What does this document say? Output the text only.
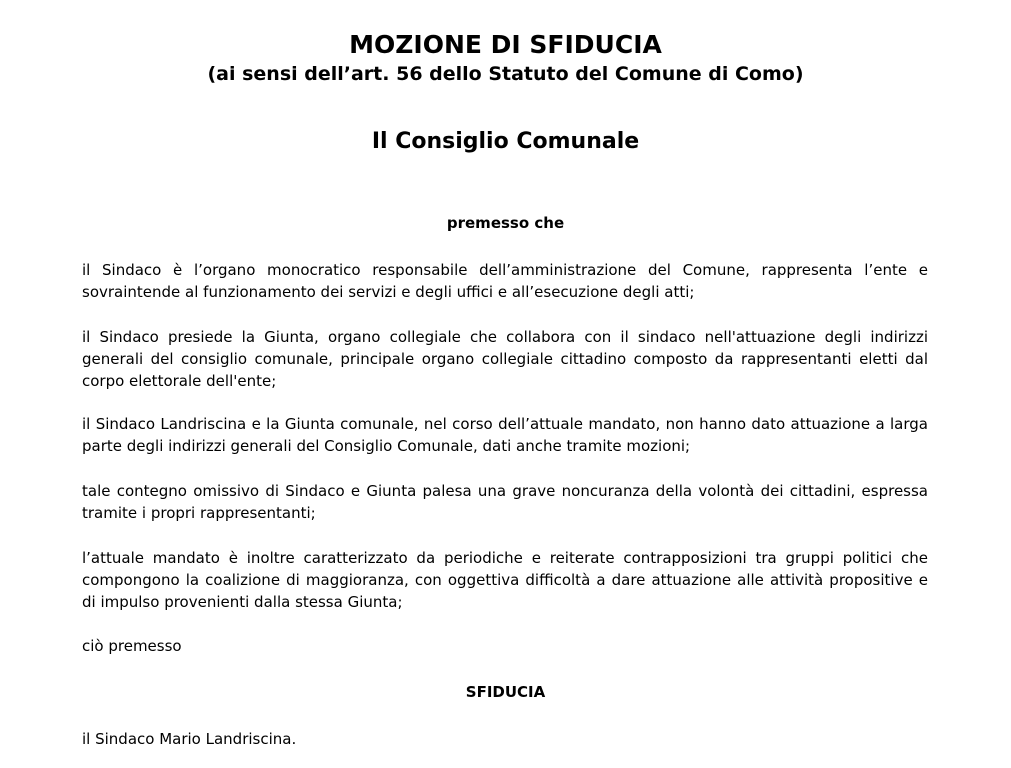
MOZIONE DI SFIDUCIA
(ai sensi dell’art. 56 dello Statuto del Comune di Como)
Il Consiglio Comunale

premesso che

il Sindaco è l’organo monocratico responsabile dell’amministrazione del Comune, rappresenta l’ente e sovraintende al funzionamento dei servizi e degli uffici e all’esecuzione degli atti;

il Sindaco presiede la Giunta, organo collegiale che collabora con il sindaco nell'attuazione degli indirizzi generali del consiglio comunale, principale organo collegiale cittadino composto da rappresentanti eletti dal corpo elettorale dell'ente;

il Sindaco Landriscina e la Giunta comunale, nel corso dell’attuale mandato, non hanno dato attuazione a larga parte degli indirizzi generali del Consiglio Comunale, dati anche tramite mozioni;

tale contegno omissivo di Sindaco e Giunta palesa una grave noncuranza della volontà dei cittadini, espressa tramite i propri rappresentanti;

l’attuale mandato è inoltre caratterizzato da periodiche e reiterate contrapposizioni tra gruppi politici che compongono la coalizione di maggioranza, con oggettiva difficoltà a dare attuazione alle attività propositive e di impulso provenienti dalla stessa Giunta;

ciò premesso

SFIDUCIA

il Sindaco Mario Landriscina.
